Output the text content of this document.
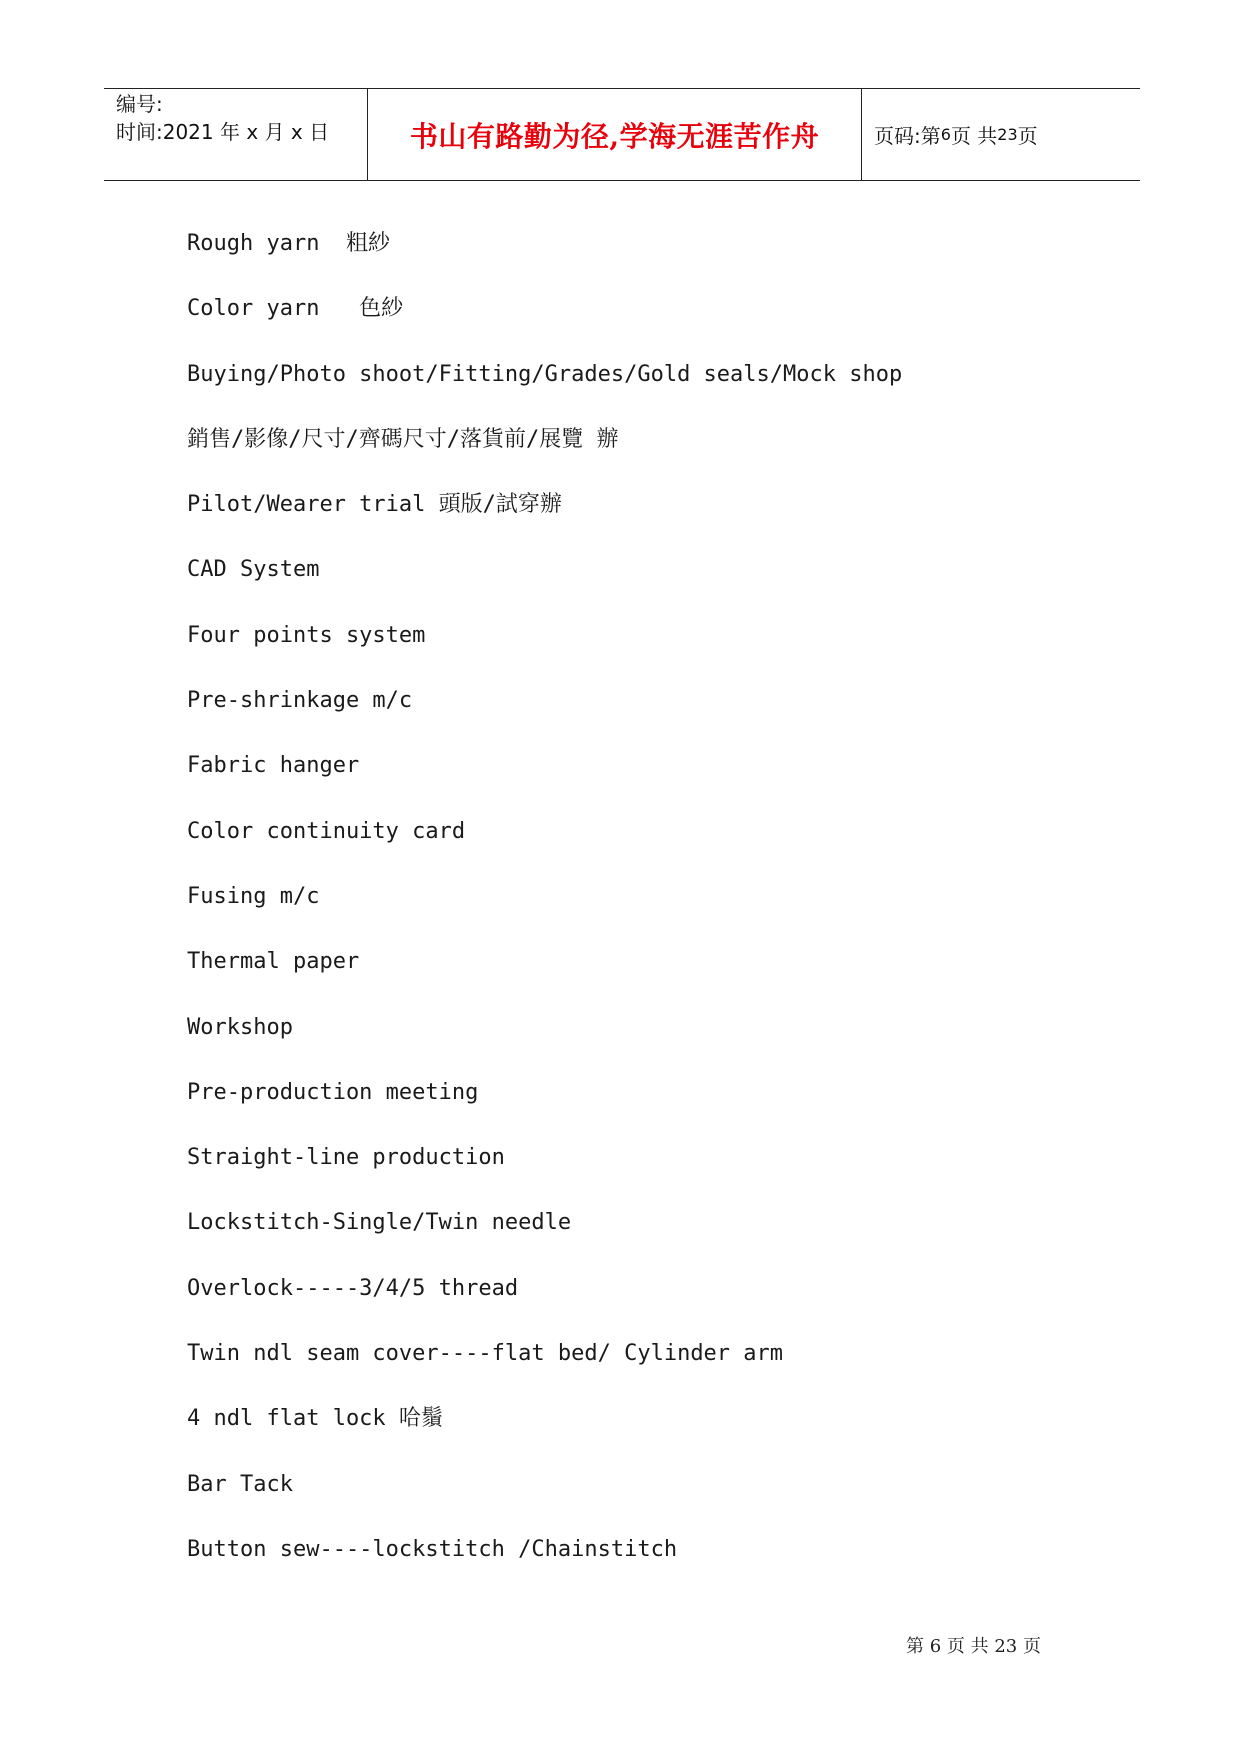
编号:
时间:2021 年 x 月 x 日	书山有路勤为径,学海无涯苦作舟	页码:第 6 页 共 23 页
Rough yarn  粗紗
Color yarn   色紗
Buying/Photo shoot/Fitting/Grades/Gold seals/Mock shop
銷售/影像/尺寸/齊碼尺寸/落貨前/展覽 辦
Pilot/Wearer trial 頭版/試穿辦
CAD System
Four points system
Pre-shrinkage m/c
Fabric hanger
Color continuity card
Fusing m/c
Thermal paper
Workshop
Pre-production meeting
Straight-line production
Lockstitch-Single/Twin needle
Overlock-----3/4/5 thread
Twin ndl seam cover----flat bed/ Cylinder arm
4 ndl flat lock 哈鬚
Bar Tack
Button sew----lockstitch /Chainstitch
第 6 页 共 23 页
